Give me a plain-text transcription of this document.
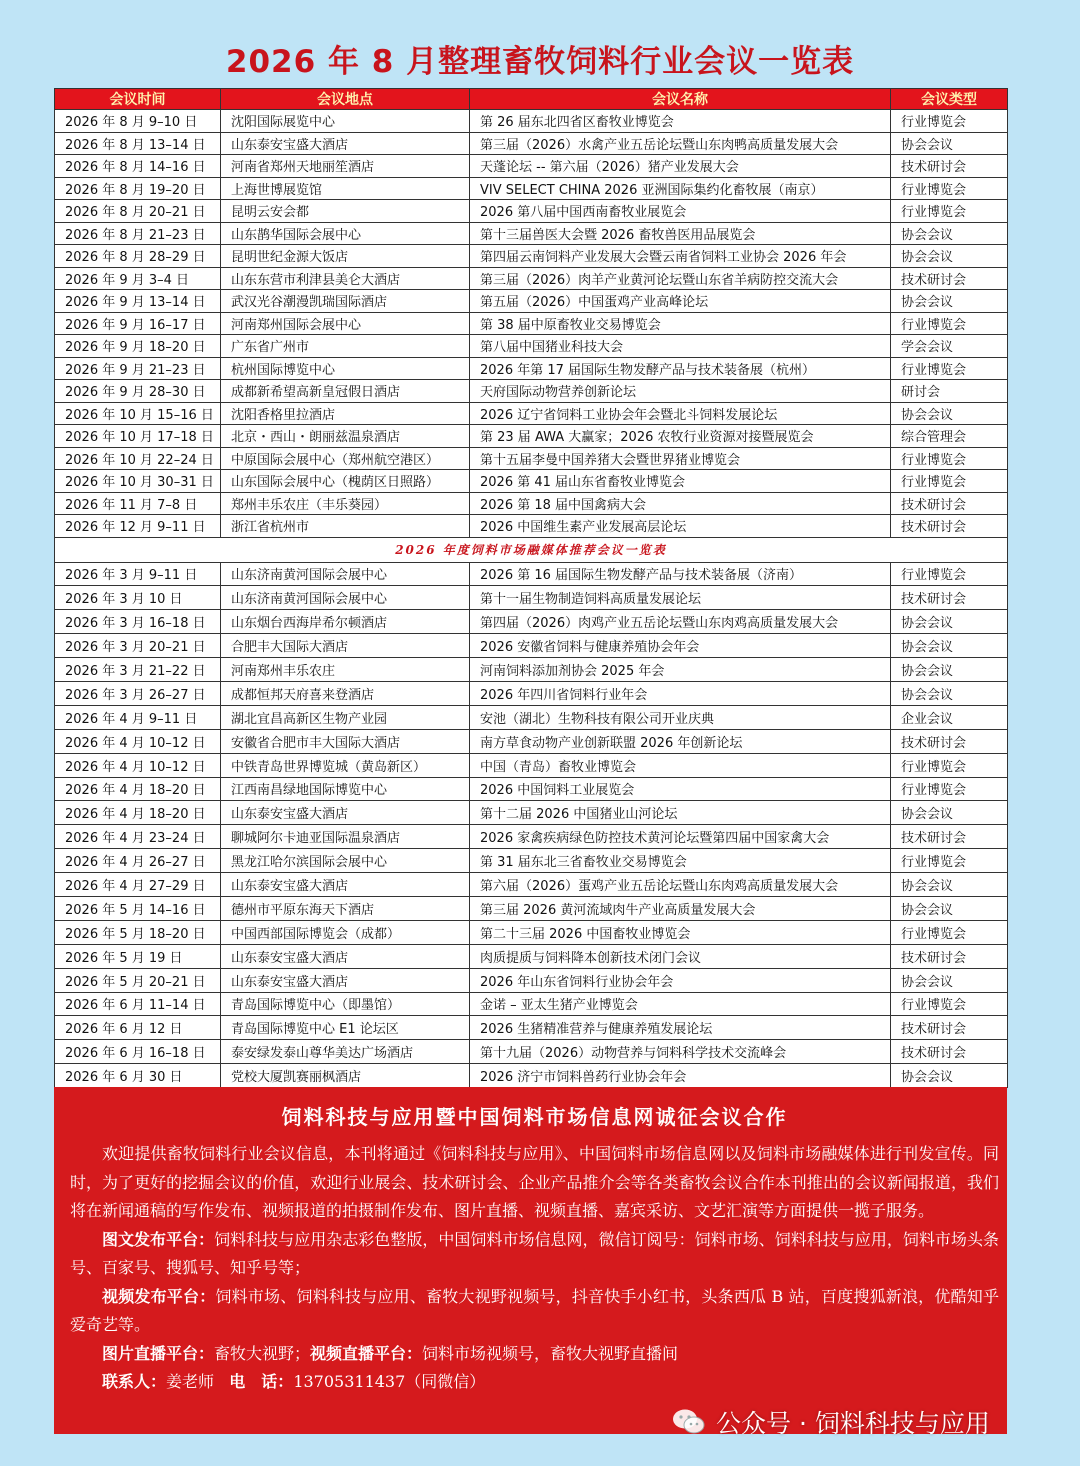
2026 年 8 月整理畜牧饲料行业会议一览表
会议时间	会议地点	会议名称	会议类型
2026 年 8 月 9–10 日	沈阳国际展览中心	第 26 届东北四省区畜牧业博览会	行业博览会
2026 年 8 月 13–14 日	山东泰安宝盛大酒店	第三届（2026）水禽产业五岳论坛暨山东肉鸭高质量发展大会	协会会议
2026 年 8 月 14–16 日	河南省郑州天地丽笙酒店	天蓬论坛 -- 第六届（2026）猪产业发展大会	技术研讨会
2026 年 8 月 19–20 日	上海世博展览馆	VIV SELECT CHINA 2026 亚洲国际集约化畜牧展（南京）	行业博览会
2026 年 8 月 20–21 日	昆明云安会都	2026 第八届中国西南畜牧业展览会	行业博览会
2026 年 8 月 21–23 日	山东鹊华国际会展中心	第十三届兽医大会暨 2026 畜牧兽医用品展览会	协会会议
2026 年 8 月 28–29 日	昆明世纪金源大饭店	第四届云南饲料产业发展大会暨云南省饲料工业协会 2026 年会	协会会议
2026 年 9 月 3–4 日	山东东营市利津县美仑大酒店	第三届（2026）肉羊产业黄河论坛暨山东省羊病防控交流大会	技术研讨会
2026 年 9 月 13–14 日	武汉光谷潮漫凯瑞国际酒店	第五届（2026）中国蛋鸡产业高峰论坛	协会会议
2026 年 9 月 16–17 日	河南郑州国际会展中心	第 38 届中原畜牧业交易博览会	行业博览会
2026 年 9 月 18–20 日	广东省广州市	第八届中国猪业科技大会	学会会议
2026 年 9 月 21–23 日	杭州国际博览中心	2026 年第 17 届国际生物发酵产品与技术装备展（杭州）	行业博览会
2026 年 9 月 28–30 日	成都新希望高新皇冠假日酒店	天府国际动物营养创新论坛	研讨会
2026 年 10 月 15–16 日	沈阳香格里拉酒店	2026 辽宁省饲料工业协会年会暨北斗饲料发展论坛	协会会议
2026 年 10 月 17–18 日	北京・西山・朗丽兹温泉酒店	第 23 届 AWA 大赢家；2026 农牧行业资源对接暨展览会	综合管理会
2026 年 10 月 22–24 日	中原国际会展中心（郑州航空港区）	第十五届李曼中国养猪大会暨世界猪业博览会	行业博览会
2026 年 10 月 30–31 日	山东国际会展中心（槐荫区日照路）	2026 第 41 届山东省畜牧业博览会	行业博览会
2026 年 11 月 7–8 日	郑州丰乐农庄（丰乐葵园）	2026 第 18 届中国禽病大会	技术研讨会
2026 年 12 月 9–11 日	浙江省杭州市	2026 中国维生素产业发展高层论坛	技术研讨会
2026 年度饲料市场融媒体推荐会议一览表			
2026 年 3 月 9–11 日	山东济南黄河国际会展中心	2026 第 16 届国际生物发酵产品与技术装备展（济南）	行业博览会
2026 年 3 月 10 日	山东济南黄河国际会展中心	第十一届生物制造饲料高质量发展论坛	技术研讨会
2026 年 3 月 16–18 日	山东烟台西海岸希尔顿酒店	第四届（2026）肉鸡产业五岳论坛暨山东肉鸡高质量发展大会	协会会议
2026 年 3 月 20–21 日	合肥丰大国际大酒店	2026 安徽省饲料与健康养殖协会年会	协会会议
2026 年 3 月 21–22 日	河南郑州丰乐农庄	河南饲料添加剂协会 2025 年会	协会会议
2026 年 3 月 26–27 日	成都恒邦天府喜来登酒店	2026 年四川省饲料行业年会	协会会议
2026 年 4 月 9–11 日	湖北宜昌高新区生物产业园	安池（湖北）生物科技有限公司开业庆典	企业会议
2026 年 4 月 10–12 日	安徽省合肥市丰大国际大酒店	南方草食动物产业创新联盟 2026 年创新论坛	技术研讨会
2026 年 4 月 10–12 日	中铁青岛世界博览城（黄岛新区）	中国（青岛）畜牧业博览会	行业博览会
2026 年 4 月 18–20 日	江西南昌绿地国际博览中心	2026 中国饲料工业展览会	行业博览会
2026 年 4 月 18–20 日	山东泰安宝盛大酒店	第十二届 2026 中国猪业山河论坛	协会会议
2026 年 4 月 23–24 日	聊城阿尔卡迪亚国际温泉酒店	2026 家禽疾病绿色防控技术黄河论坛暨第四届中国家禽大会	技术研讨会
2026 年 4 月 26–27 日	黑龙江哈尔滨国际会展中心	第 31 届东北三省畜牧业交易博览会	行业博览会
2026 年 4 月 27–29 日	山东泰安宝盛大酒店	第六届（2026）蛋鸡产业五岳论坛暨山东肉鸡高质量发展大会	协会会议
2026 年 5 月 14–16 日	德州市平原东海天下酒店	第三届 2026 黄河流域肉牛产业高质量发展大会	协会会议
2026 年 5 月 18–20 日	中国西部国际博览会（成都）	第二十三届 2026 中国畜牧业博览会	行业博览会
2026 年 5 月 19 日	山东泰安宝盛大酒店	肉质提质与饲料降本创新技术闭门会议	技术研讨会
2026 年 5 月 20–21 日	山东泰安宝盛大酒店	2026 年山东省饲料行业协会年会	协会会议
2026 年 6 月 11–14 日	青岛国际博览中心（即墨馆）	金诺 – 亚太生猪产业博览会	行业博览会
2026 年 6 月 12 日	青岛国际博览中心 E1 论坛区	2026 生猪精准营养与健康养殖发展论坛	技术研讨会
2026 年 6 月 16–18 日	泰安绿发泰山尊华美达广场酒店	第十九届（2026）动物营养与饲料科学技术交流峰会	技术研讨会
2026 年 6 月 30 日	党校大厦凯赛丽枫酒店	2026 济宁市饲料兽药行业协会年会	协会会议
饲料科技与应用暨中国饲料市场信息网诚征会议合作

欢迎提供畜牧饲料行业会议信息，本刊将通过《饲料科技与应用》、中国饲料市场信息网以及饲料市场融媒体进行刊发宣传。同时，为了更好的挖掘会议的价值，欢迎行业展会、技术研讨会、企业产品推介会等各类畜牧会议合作本刊推出的会议新闻报道，我们将在新闻通稿的写作发布、视频报道的拍摄制作发布、图片直播、视频直播、嘉宾采访、文艺汇演等方面提供一揽子服务。

图文发布平台：饲料科技与应用杂志彩色整版，中国饲料市场信息网，微信订阅号：饲料市场、饲料科技与应用，饲料市场头条号、百家号、搜狐号、知乎号等；

视频发布平台：饲料市场、饲料科技与应用、畜牧大视野视频号，抖音快手小红书，头条西瓜 B 站，百度搜狐新浪，优酷知乎爱奇艺等。

图片直播平台：畜牧大视野；视频直播平台：饲料市场视频号，畜牧大视野直播间

联系人：姜老师 电　话：13705311437（同微信）

公众号 · 饲料科技与应用
